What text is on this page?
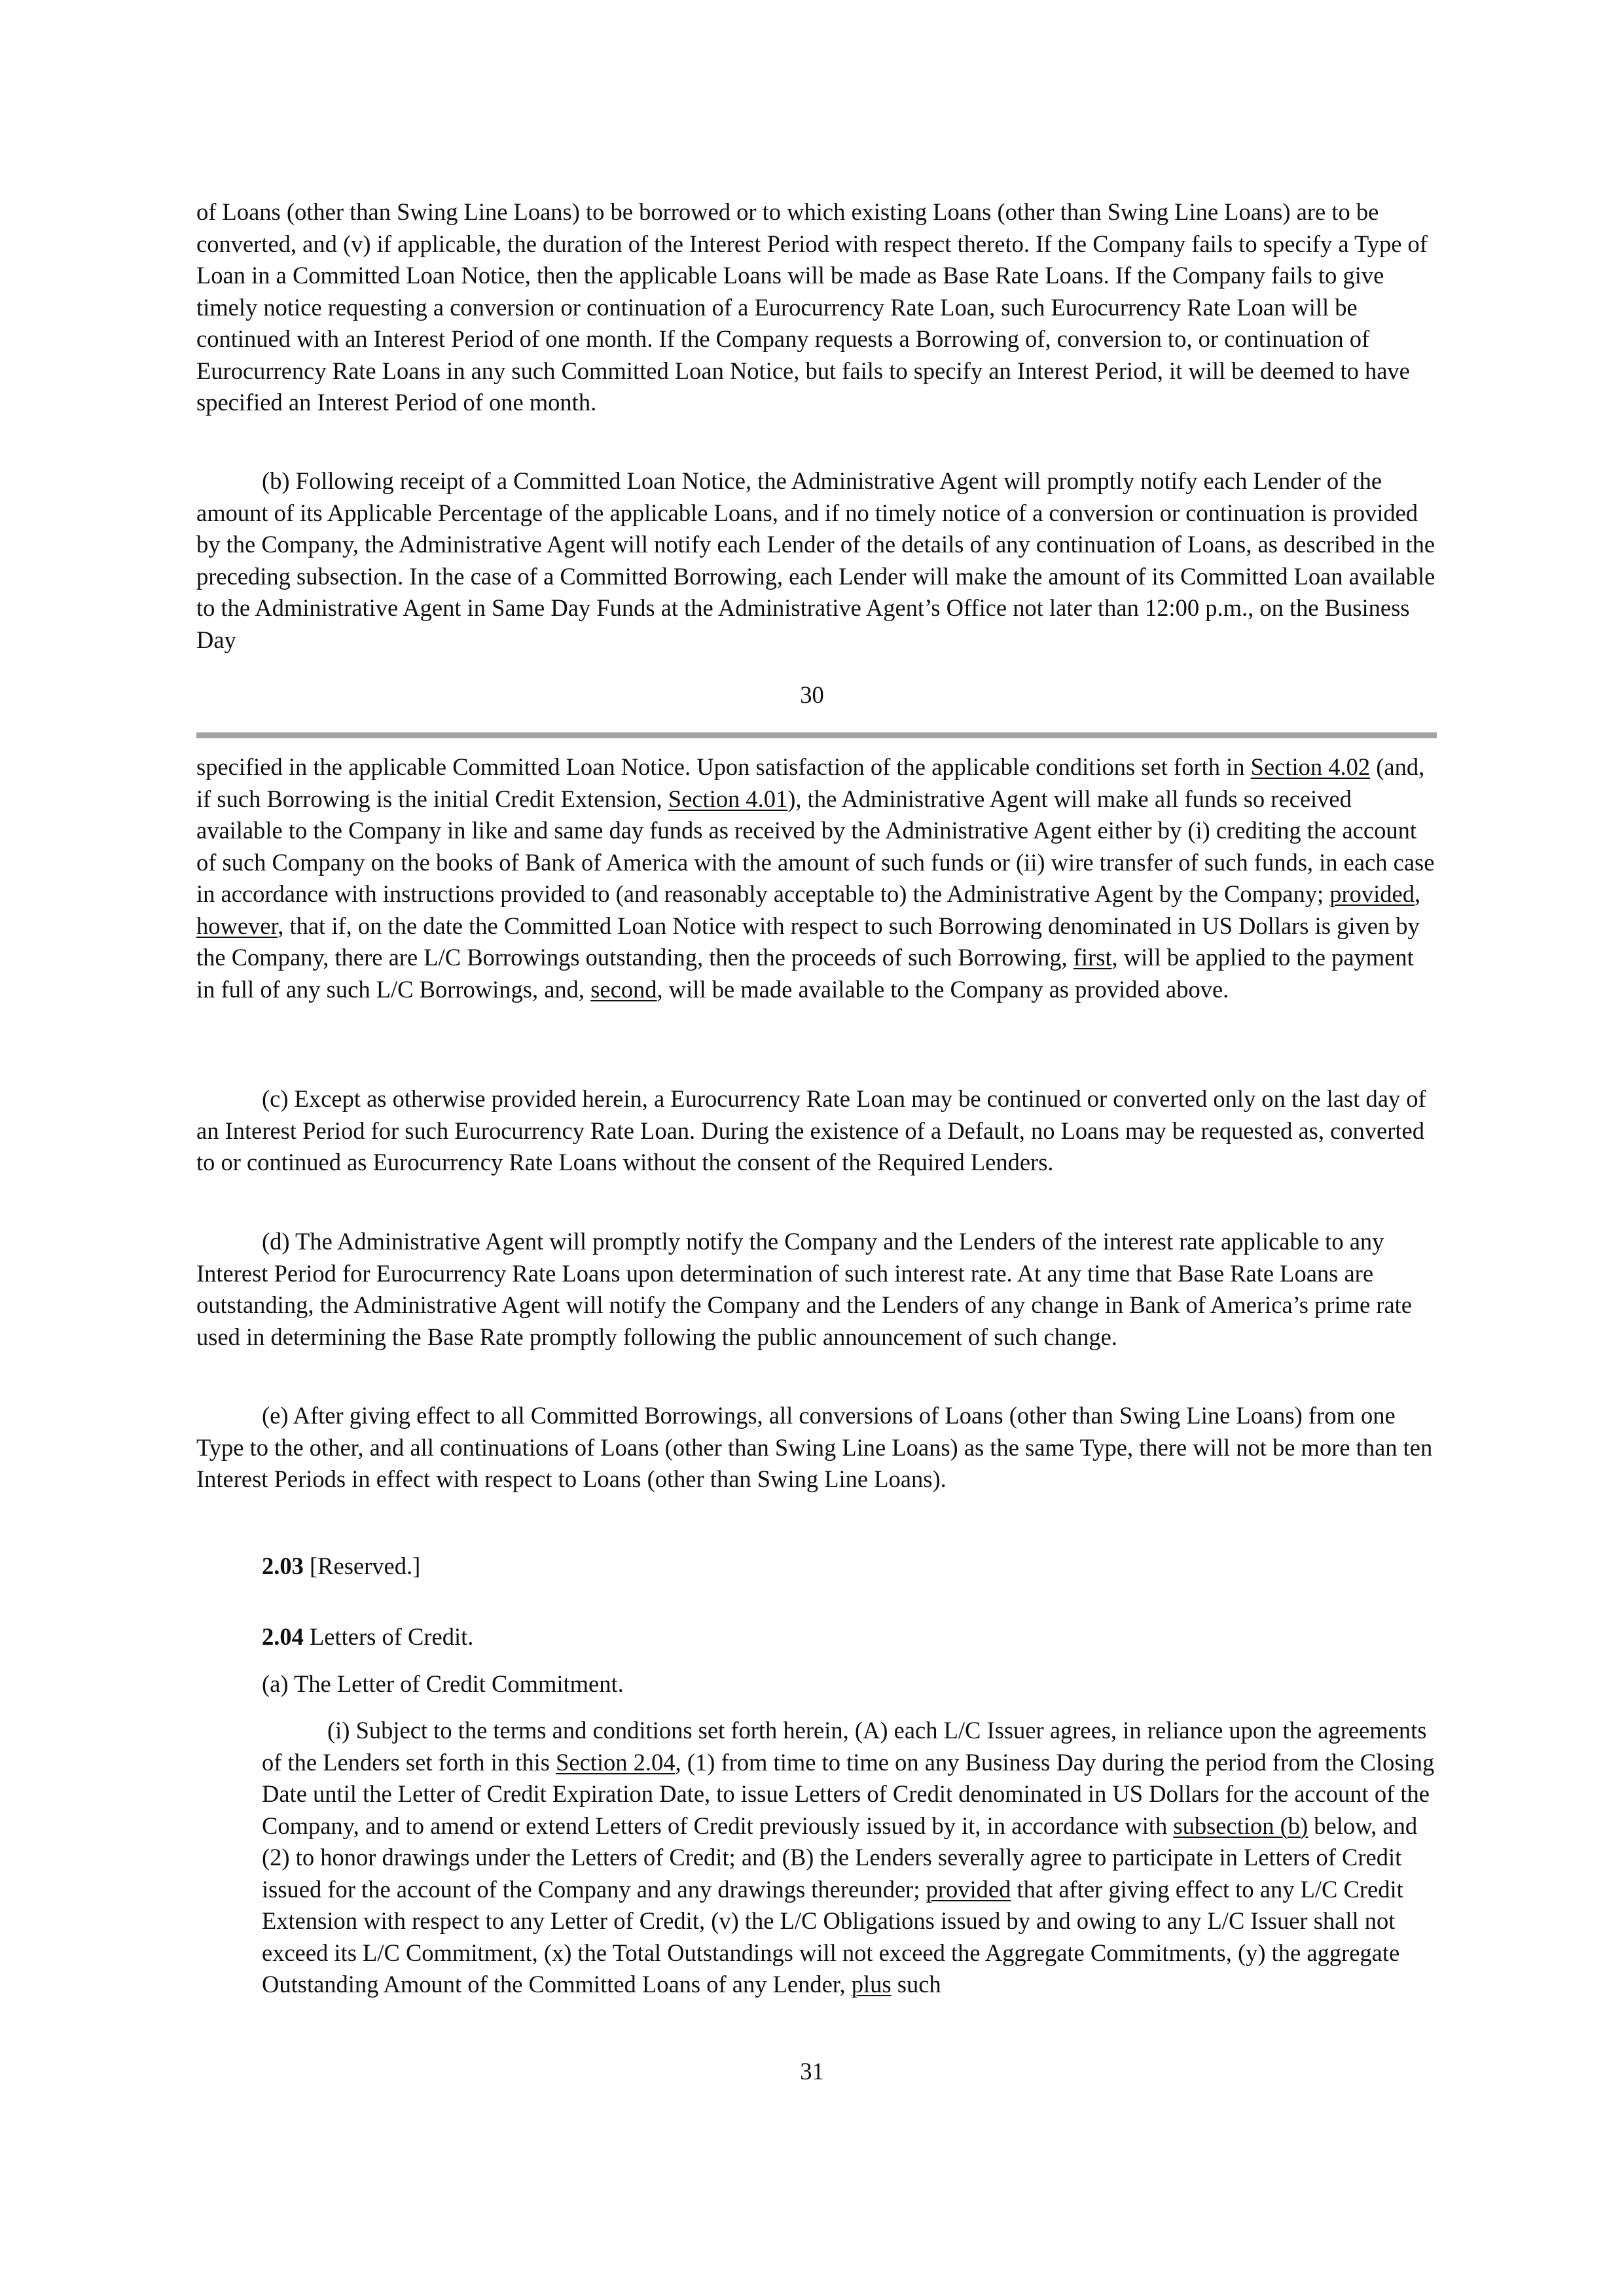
of Loans (other than Swing Line Loans) to be borrowed or to which existing Loans (other than Swing Line Loans) are to be converted, and (v) if applicable, the duration of the Interest Period with respect thereto. If the Company fails to specify a Type of Loan in a Committed Loan Notice, then the applicable Loans will be made as Base Rate Loans. If the Company fails to give timely notice requesting a conversion or continuation of a Eurocurrency Rate Loan, such Eurocurrency Rate Loan will be continued with an Interest Period of one month. If the Company requests a Borrowing of, conversion to, or continuation of Eurocurrency Rate Loans in any such Committed Loan Notice, but fails to specify an Interest Period, it will be deemed to have specified an Interest Period of one month.

(b) Following receipt of a Committed Loan Notice, the Administrative Agent will promptly notify each Lender of the amount of its Applicable Percentage of the applicable Loans, and if no timely notice of a conversion or continuation is provided by the Company, the Administrative Agent will notify each Lender of the details of any continuation of Loans, as described in the preceding subsection. In the case of a Committed Borrowing, each Lender will make the amount of its Committed Loan available to the Administrative Agent in Same Day Funds at the Administrative Agent’s Office not later than 12:00 p.m., on the Business Day

30

specified in the applicable Committed Loan Notice. Upon satisfaction of the applicable conditions set forth in Section 4.02 (and, if such Borrowing is the initial Credit Extension, Section 4.01), the Administrative Agent will make all funds so received available to the Company in like and same day funds as received by the Administrative Agent either by (i) crediting the account of such Company on the books of Bank of America with the amount of such funds or (ii) wire transfer of such funds, in each case in accordance with instructions provided to (and reasonably acceptable to) the Administrative Agent by the Company; provided, however, that if, on the date the Committed Loan Notice with respect to such Borrowing denominated in US Dollars is given by the Company, there are L/C Borrowings outstanding, then the proceeds of such Borrowing, first, will be applied to the payment in full of any such L/C Borrowings, and, second, will be made available to the Company as provided above.

(c) Except as otherwise provided herein, a Eurocurrency Rate Loan may be continued or converted only on the last day of an Interest Period for such Eurocurrency Rate Loan. During the existence of a Default, no Loans may be requested as, converted to or continued as Eurocurrency Rate Loans without the consent of the Required Lenders.

(d) The Administrative Agent will promptly notify the Company and the Lenders of the interest rate applicable to any Interest Period for Eurocurrency Rate Loans upon determination of such interest rate. At any time that Base Rate Loans are outstanding, the Administrative Agent will notify the Company and the Lenders of any change in Bank of America’s prime rate used in determining the Base Rate promptly following the public announcement of such change.

(e) After giving effect to all Committed Borrowings, all conversions of Loans (other than Swing Line Loans) from one Type to the other, and all continuations of Loans (other than Swing Line Loans) as the same Type, there will not be more than ten Interest Periods in effect with respect to Loans (other than Swing Line Loans).

2.03 [Reserved.]

2.04 Letters of Credit.

(a) The Letter of Credit Commitment.

(i) Subject to the terms and conditions set forth herein, (A) each L/C Issuer agrees, in reliance upon the agreements of the Lenders set forth in this Section 2.04, (1) from time to time on any Business Day during the period from the Closing Date until the Letter of Credit Expiration Date, to issue Letters of Credit denominated in US Dollars for the account of the Company, and to amend or extend Letters of Credit previously issued by it, in accordance with subsection (b) below, and (2) to honor drawings under the Letters of Credit; and (B) the Lenders severally agree to participate in Letters of Credit issued for the account of the Company and any drawings thereunder; provided that after giving effect to any L/C Credit Extension with respect to any Letter of Credit, (v) the L/C Obligations issued by and owing to any L/C Issuer shall not exceed its L/C Commitment, (x) the Total Outstandings will not exceed the Aggregate Commitments, (y) the aggregate Outstanding Amount of the Committed Loans of any Lender, plus such

31
